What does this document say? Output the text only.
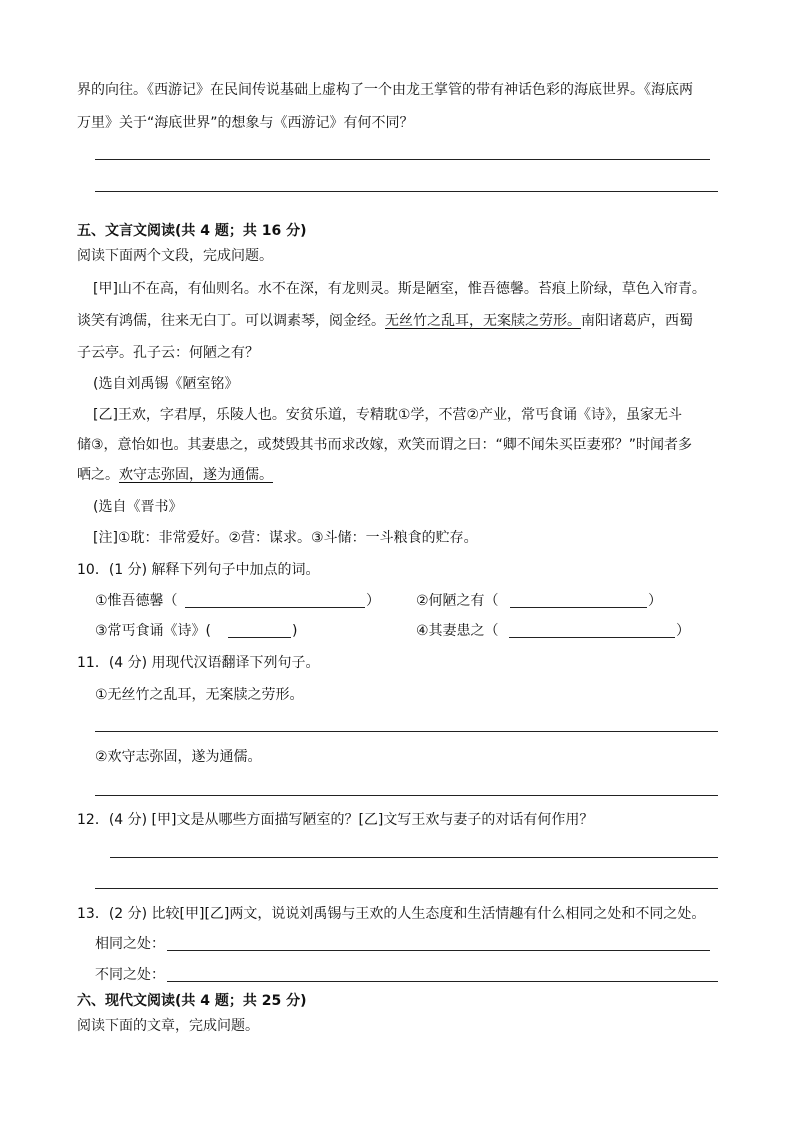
界的向往。《西游记》在民间传说基础上虚构了一个由龙王掌管的带有神话色彩的海底世界。《海底两
万里》关于“海底世界”的想象与《西游记》有何不同？
五、文言文阅读(共 4 题；共 16 分)
阅读下面两个文段，完成问题。
[甲]山不在高，有仙则名。水不在深，有龙则灵。斯是陋室，惟吾德馨。苔痕上阶绿，草色入帘青。
谈笑有鸿儒，往来无白丁。可以调素琴，阅金经。无丝竹之乱耳，无案牍之劳形。南阳诸葛庐，西蜀
子云亭。孔子云：何陋之有？
(选自刘禹锡《陋室铭》
[乙]王欢，字君厚，乐陵人也。安贫乐道，专精耽①学，不营②产业，常丐食诵《诗》，虽家无斗
储③，意怡如也。其妻患之，或焚毁其书而求改嫁，欢笑而谓之曰：“卿不闻朱买臣妻邪？”时闻者多
哂之。欢守志弥固，遂为通儒。
(选自《晋书》
[注]①耽：非常爱好。②营：谋求。③斗储：一斗粮食的贮存。
10．(1 分) 解释下列句子中加点的词。
①惟吾德馨（	）	②何陋之有（	）
③常丐食诵《诗》(	)	④其妻患之（	）
11．(4 分) 用现代汉语翻译下列句子。
①无丝竹之乱耳，无案牍之劳形。
②欢守志弥固，遂为通儒。
12．(4 分) [甲]文是从哪些方面描写陋室的？[乙]文写王欢与妻子的对话有何作用？
13．(2 分) 比较[甲][乙]两文，说说刘禹锡与王欢的人生态度和生活情趣有什么相同之处和不同之处。
相同之处：
不同之处：
六、现代文阅读(共 4 题；共 25 分)
阅读下面的文章，完成问题。
